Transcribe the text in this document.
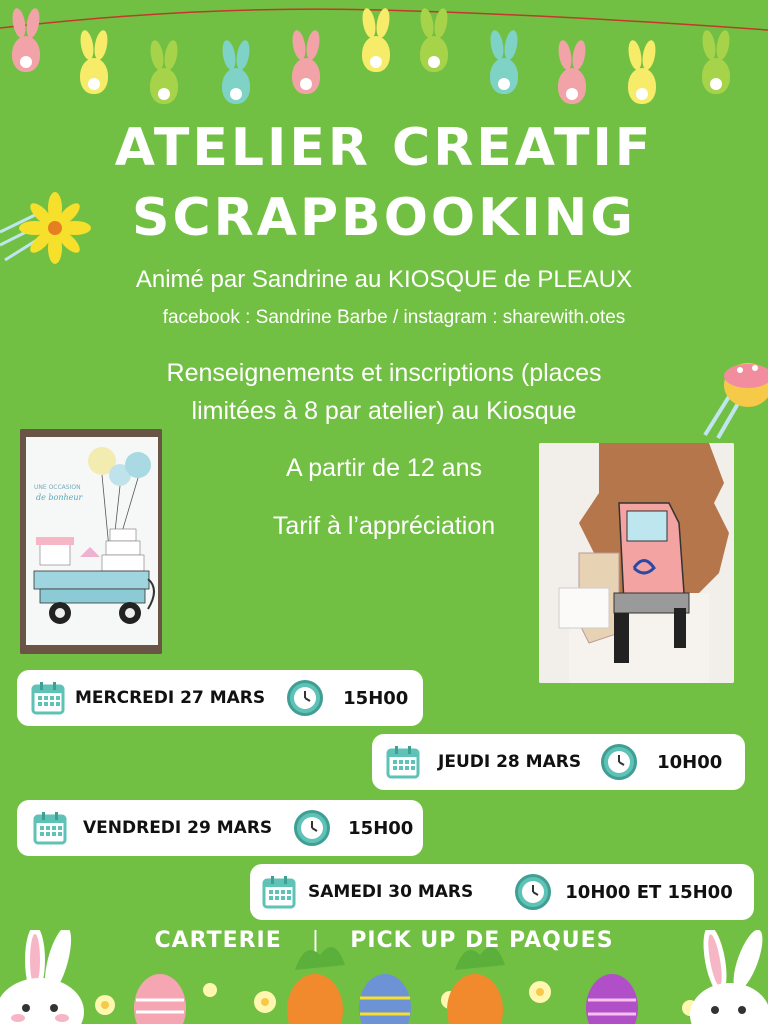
ATELIER CREATIF
SCRAPBOOKING
Animé par Sandrine au KIOSQUE de PLEAUX
facebook : Sandrine Barbe / instagram : sharewith.otes
Renseignements et inscriptions (places
limitées à 8 par atelier) au Kiosque
A partir de 12 ans
Tarif à l’appréciation
UNE OCCASION
de bonheur
MERCREDI 27 MARS	15H00
JEUDI 28 MARS	10H00
VENDREDI 29 MARS	15H00
SAMEDI 30 MARS	10H00 ET 15H00
CARTERIE | PICK UP DE PAQUES
